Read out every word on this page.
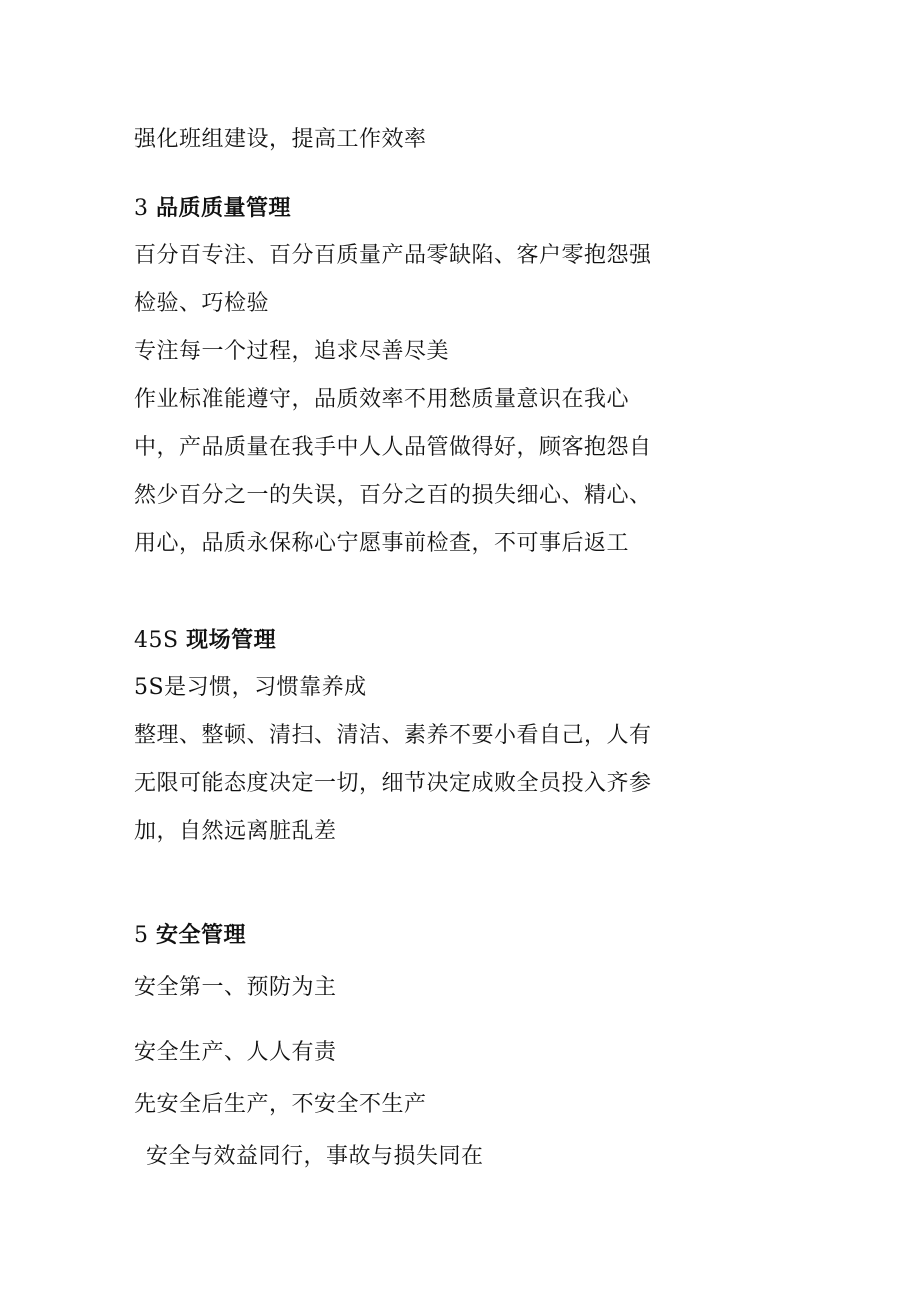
强化班组建设，提高工作效率
3 品质质量管理
百分百专注、百分百质量产品零缺陷、客户零抱怨强
检验、巧检验
专注每一个过程，追求尽善尽美
作业标准能遵守，品质效率不用愁质量意识在我心
中，产品质量在我手中人人品管做得好，顾客抱怨自
然少百分之一的失误，百分之百的损失细心、精心、
用心，品质永保称心宁愿事前检查，不可事后返工
45S 现场管理
5S是习惯，习惯靠养成
整理、整顿、清扫、清洁、素养不要小看自己，人有
无限可能态度决定一切，细节决定成败全员投入齐参
加，自然远离脏乱差
5 安全管理
安全第一、预防为主
安全生产、人人有责
先安全后生产，不安全不生产
安全与效益同行，事故与损失同在
